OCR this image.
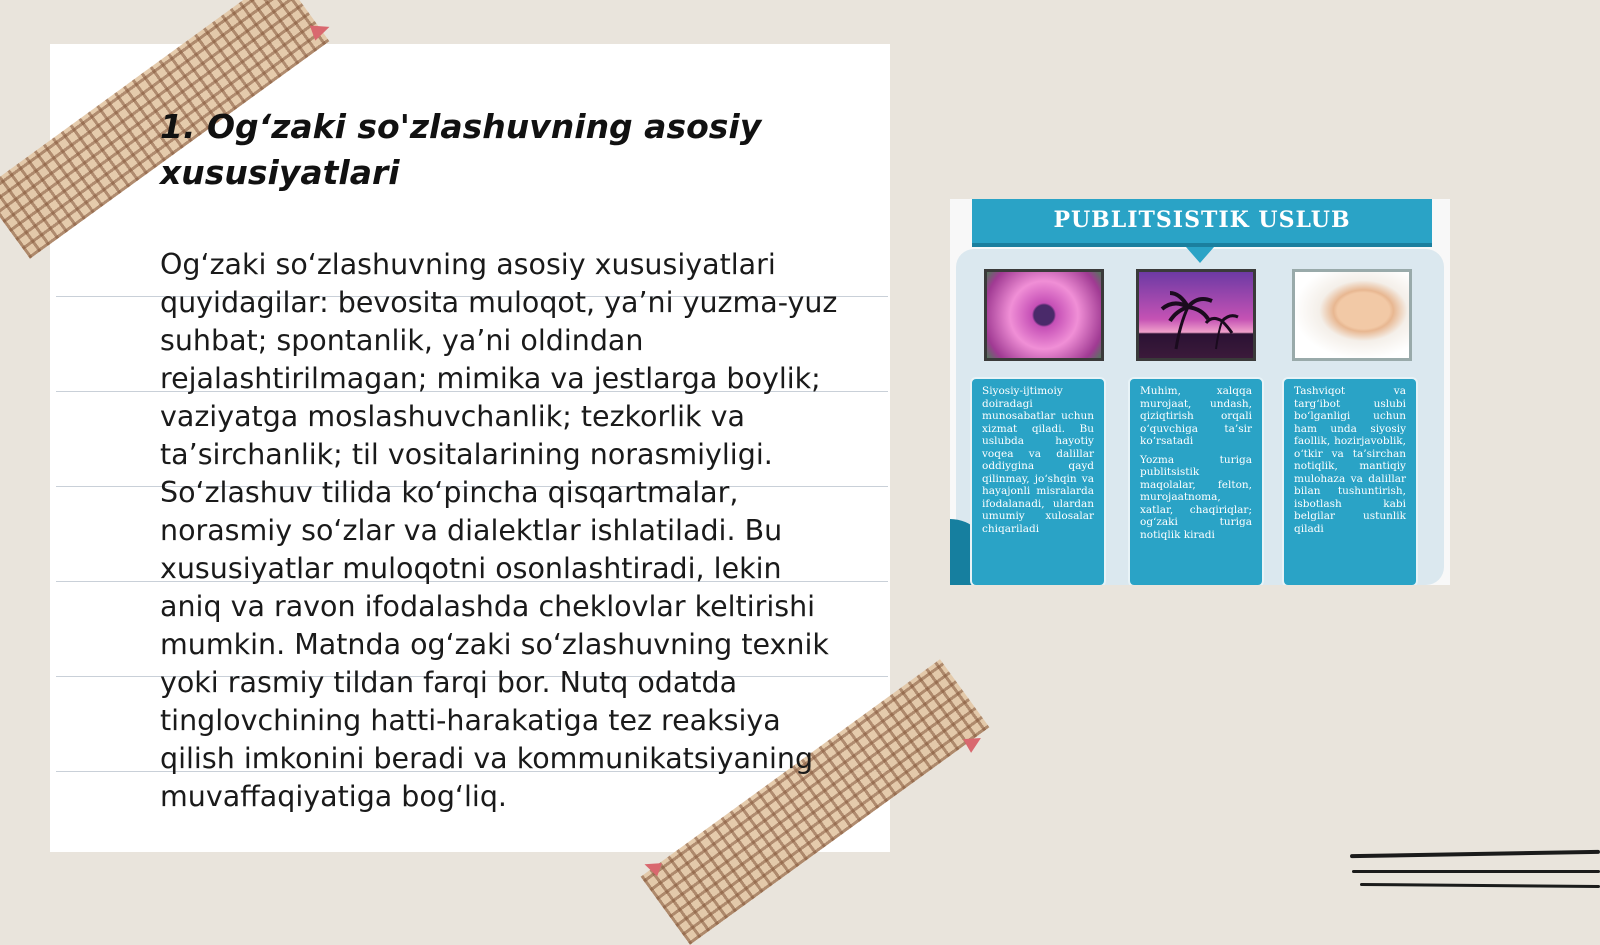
1. Og‘zaki so'zlashuvning asosiy xususiyatlari
Og‘zaki so‘zlashuvning asosiy xususiyatlari quyidagilar: bevosita muloqot, ya’ni yuzma-yuz suhbat; spontanlik, ya’ni oldindan rejalashtirilmagan; mimika va jestlarga boylik; vaziyatga moslashuvchanlik; tezkorlik va ta’sirchanlik; til vositalarining norasmiyligi. So‘zlashuv tilida ko‘pincha qisqartmalar, norasmiy so‘zlar va dialektlar ishlatiladi. Bu xususiyatlar muloqotni osonlashtiradi, lekin aniq va ravon ifodalashda cheklovlar keltirishi mumkin. Matnda og‘zaki so‘zlashuvning texnik yoki rasmiy tildan farqi bor. Nutq odatda tinglovchining hatti-harakatiga tez reaksiya qilish imkonini beradi va kommunikatsiyaning muvaffaqiyatiga bog‘liq.
PUBLITSISTIK USLUB

Siyosiy-ijtimoiy doiradagi munosabatlar uchun xizmat qiladi. Bu uslubda hayotiy voqea va dalillar oddiygina qayd qilinmay, jo‘shqin va hayajonli misralarda ifodalanadi, ulardan umumiy xulosalar chiqariladi

Muhim, xalqqa murojaat, undash, qiziqtirish orqali o‘quvchiga ta’sir ko‘rsatadi

Yozma turiga publitsistik maqolalar, felton, murojaatnoma, xatlar, chaqiriqlar; og‘zaki turiga notiqlik kiradi

Tashviqot va targ‘ibot uslubi bo‘lganligi uchun ham unda siyosiy faollik, hozirjavoblik, o‘tkir va ta’sirchan notiqlik, mantiqiy mulohaza va dalillar bilan tushuntirish, isbotlash kabi belgilar ustunlik qiladi
